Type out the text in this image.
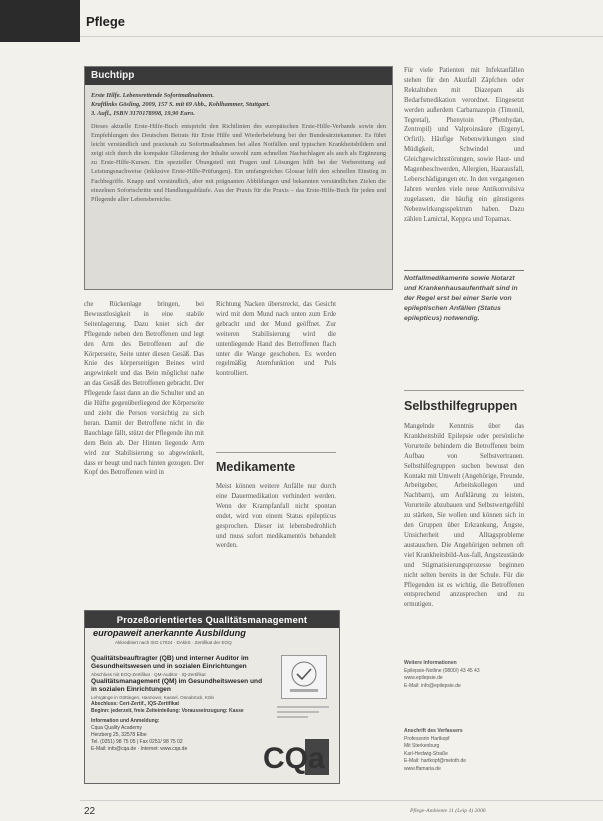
Pflege
Buchtipp

Erste Hilfe. Lebensrettende Sofortmaßnahmen.

Kraftlinks Gösling, 2009, 157 S. mit 69 Abb., Kohlhammer, Stuttgart.

3. Aufl., ISBN 3170178998, 19,90 Euro.

Dieses aktuelle Erste-Hilfe-Buch entspricht den Richtlinien des europäischen Erste-Hilfe-Verbands sowie den Empfehlungen des Deutschen Beirats für Erste Hilfe und Wiederbelebung bei der Bundesärztekammer. Es führt leicht verständlich und praxisnah zu Sofortmaßnahmen bei allen Notfällen und typischen Krankheitsbildern und zeigt sich durch die kompakte Gliederung der Inhalte sowohl zum schnellen Nachschlagen als auch als Ergänzung zu Erste-Hilfe-Kursen. Ein spezieller Übungsteil mit Fragen und Lösungen hilft bei der Vorbereitung auf Leistungsnachweise (inklusive Erste-Hilfe-Prüfungen). Ein umfangreiches Glossar hilft den schnellen Einstieg in Fachbegriffe. Knapp und verständlich, aber mit prägnanten Abbildungen und bekannten verständlichen Zielen die einzelnen Sofortschritte und Handlungsabläufe. Aus der Praxis für die Praxis – das Erste-Hilfe-Buch für jeden und Pflegende aller Lebensbereiche.

che Rückenlage bringen, bei Bewusstlosigkeit in eine stabile Seitenlagerung. Dazu kniet sich der Pflegende neben den Betroffenen und legt den Arm des Betroffenen auf die Körperseite, Seite unter diesen Gesäß. Das Knie des körperseitigen Beines wird angewinkelt und das Bein möglichst nahe an das Gesäß des Betroffenen gebracht. Der Pflegende fasst dann an die Schulter und an die Hüfte gegenüberliegend der Körperseite und zieht die Person vorsichtig zu sich heran. Damit der Betroffene nicht in die Bauchlage fällt, stützt der Pflegende ihn mit dem Bein ab. Der Hinten liegende Arm wird zur Stabilisierung so abgewinkelt, dass er beugt und nach hinten gezogen. Der Kopf des Betroffenen wird in

Richtung Nacken überstreckt, das Gesicht wird mit dem Mund nach unten zum Erde gebracht und der Mund geöffnet. Zur weiteren Stabilisierung wird die untenliegende Hand des Betroffenen flach unter die Wange geschoben. Es werden regelmäßig Atemfunktion und Puls kontrolliert.

Medikamente

Meist können weitere Anfälle nur durch eine Dauermedikation verhindert werden. Wenn der Krampfanfall nicht spontan endet, wird von einem Status epilepticus gesprochen. Dieser ist lebensbedrohlich und muss sofort medikamentös behandelt werden.

Für viele Patienten mit Infektanfällen stehen für den Akutfall Zäpfchen oder Rektaltuben mit Diazepam als Bedarfsmedikation verordnet. Eingesetzt werden außerdem Carbamazepin (Timonil, Tegretal), Phenytoin (Phenhydan, Zentropil) und Valproinsäure (Ergenyl, Orfiril). Häufige Nebenwirkungen sind Müdigkeit, Schwindel und Gleichgewichtsstörungen, sowie Haut- und Magenbeschwerden, Allergien, Haarausfall, Leberschädigungen etc. In den vergangenen Jahren wurden viele neue Antikonvulsiva zugelassen, die häufig ein günstigeres Nebenwirkungsspektrum haben. Dazu zählen Lamictal, Keppra und Topamax.

Notfallmedikamente sowie Notarzt und Krankenhausaufenthalt sind in der Regel erst bei einer Serie von epileptischen Anfällen (Status epilepticus) notwendig.

Selbsthilfegruppen

Mangelnde Kenntnis über das Krankheitsbild Epilepsie oder persönliche Vorurteile behindern die Betroffenen beim Aufbau von Selbstvertrauen. Selbsthilfegruppen suchen bewusst den Kontakt mit Umwelt (Angehörige, Freunde, Arbeitgeber, Arbeitskollegen und Nachbarn), um Aufklärung zu leisten, Vorurteile abzubauen und Selbstwertgefühl zu stärken, Sie wollen und können sich in den Gruppen über Erkrankung, Ängste, Unsicherheit und Alltagsprobleme austauschen. Die Angehörigen nehmen oft viel Krankheitsbild-Aus-fall, Angstzustände und Stigmatisierungsprozesse beginnen nicht selten bereits in der Schule. Für die Pflegenden ist es wichtig, die Betroffenen entsprechend anzusprechen und zu ermutigen.

Weitere Informationen

Epilepsie-Notline (0800/) 43 45 43

www.epilepsie.de

E-Mail: info@epilepsie.de

Anschrift des Verfassers

Professorin Hartkopf

Mit Sterkenburg

Karl-Hedwig-Straße

E-Mail: hartkopf@meloth.de

www.ffamaria.de

Prozeßorientiertes Qualitätsmanagement
europaweit anerkannte Ausbildung
Akkreditiert nach ISO 17024 · DAkkS · Zertifikat der EOQ
Qualitätsbeauftragter (QB) und interner Auditor im Gesundheitswesen und in sozialen Einrichtungen
Abschluss mit EOQ-Zertifikat · QM-Auditor · IQ-Zertifikat
Qualitätsmanagement (QM) im Gesundheitswesen und in sozialen Einrichtungen
Lehrgänge in Göttingen, Hannover, Kassel, Osnabrück, Köln
Abschluss: Cert-Zertif., IQS-Zertifikat
Beginn: jederzeit, freie Zeiteinteilung: Vorausseinzugung: Kasse
Information und Anmeldung:
Cqua Quality Academy
Herzberg 25, 32578 Elbe
Tel. (0251) 98 75 05 | Fax 0251/ 98 75 02
E-Mail: info@cqa.de · Internet: www.cqa.de	CQa
22	Pflege-Ambiente 11 (Leip 4) 2006
